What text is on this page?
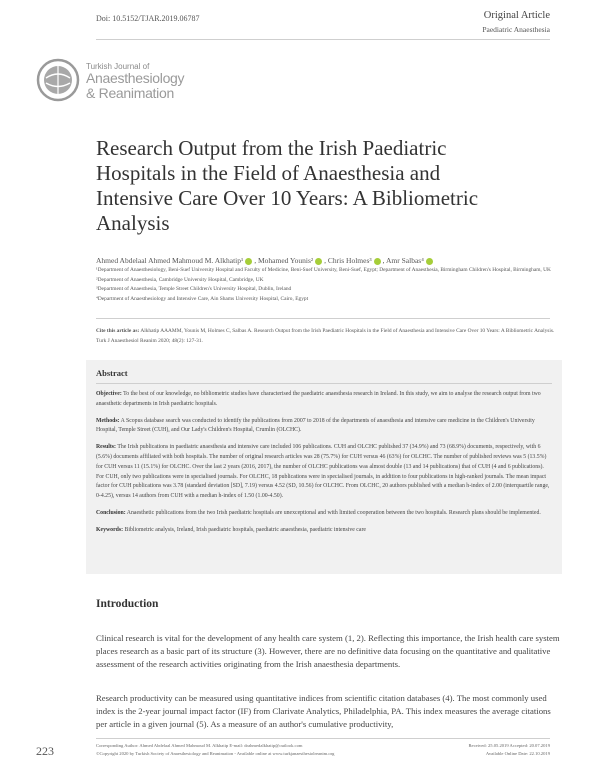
Doi: 10.5152/TJAR.2019.06787	Original Article
Paediatric Anaesthesia
Turkish Journal of
Anaesthesiology
& Reanimation
Research Output from the Irish Paediatric Hospitals in the Field of Anaesthesia and Intensive Care Over 10 Years: A Bibliometric Analysis
Ahmed Abdelaal Ahmed Mahmoud M. Alkhatip¹ , Mohamed Younis² , Chris Holmes³ , Amr Salbas⁴
¹Department of Anaesthesiology, Beni-Suef University Hospital and Faculty of Medicine, Beni-Suef University, Beni-Suef, Egypt; Department of Anaesthesia, Birmingham Children's Hospital, Birmingham, UK
²Department of Anaesthesia, Cambridge University Hospital, Cambridge, UK
³Department of Anaesthesia, Temple Street Children's University Hospital, Dublin, Ireland
⁴Department of Anaesthesiology and Intensive Care, Ain Shams University Hospital, Cairo, Egypt
Cite this article as: Alkhatip AAAMM, Younis M, Holmes C, Salbas A. Research Output from the Irish Paediatric Hospitals in the Field of Anaesthesia and Intensive Care Over 10 Years: A Bibliometric Analysis. Turk J Anaesthesiol Reanim 2020; 48(2): 127-31.
Abstract

Objective: To the best of our knowledge, no bibliometric studies have characterised the paediatric anaesthesia research in Ireland. In this study, we aim to analyse the research output from two anaesthetic departments in Irish paediatric hospitals.

Methods: A Scopus database search was conducted to identify the publications from 2007 to 2018 of the departments of anaesthesia and intensive care medicine in the Children's University Hospital, Temple Street (CUH), and Our Lady's Children's Hospital, Crumlin (OLCHC).

Results: The Irish publications in paediatric anaesthesia and intensive care included 106 publications. CUH and OLCHC published 37 (34.9%) and 73 (68.9%) documents, respectively, with 6 (5.6%) documents affiliated with both hospitals. The number of original research articles was 28 (75.7%) for CUH versus 46 (63%) for OLCHC. The number of published reviews was 5 (13.5%) for CUH versus 11 (15.1%) for OLCHC. Over the last 2 years (2016, 2017), the number of OLCHC publications was almost double (13 and 14 publications) that of CUH (4 and 6 publications). For CUH, only two publications were in specialised journals. For OLCHC, 18 publications were in specialised journals, in addition to four publications in high-ranked journals. The mean impact factor for CUH publications was 3.78 (standard deviation [SD], 7.19) versus 4.52 (SD, 10.56) for OLCHC. From OLCHC, 20 authors published with a median h-index of 2.00 (interquartile range, 0-4.25), versus 14 authors from CUH with a median h-index of 1.50 (1.00-4.50).

Conclusion: Anaesthetic publications from the two Irish paediatric hospitals are unexceptional and with limited cooperation between the two hospitals. Research plans should be implemented.

Keywords: Bibliometric analysis, Ireland, Irish paediatric hospitals, paediatric anaesthesia, paediatric intensive care

Introduction

Clinical research is vital for the development of any health care system (1, 2). Reflecting this importance, the Irish health care system places research as a basic part of its structure (3). However, there are no definitive data focusing on the quantitative and qualitative assessment of the research activities originating from the Irish anaesthesia departments.

Research productivity can be measured using quantitative indices from scientific citation databases (4). The most commonly used index is the 2-year journal impact factor (IF) from Clarivate Analytics, Philadelphia, PA. This index measures the average citations per article in a given journal (5). As a measure of an author's cumulative productivity,

223	Corresponding Author: Ahmed Abdelaal Ahmed Mahmoud M. Alkhatip E-mail: drahmedalkhatip@outlook.com
©Copyright 2020 by Turkish Society of Anaesthesiology and Reanimation - Available online at www.turkjanaesthesiolreanim.org
Received: 25.05.2019 Accepted: 20.07.2019
Available Online Date: 22.10.2019
